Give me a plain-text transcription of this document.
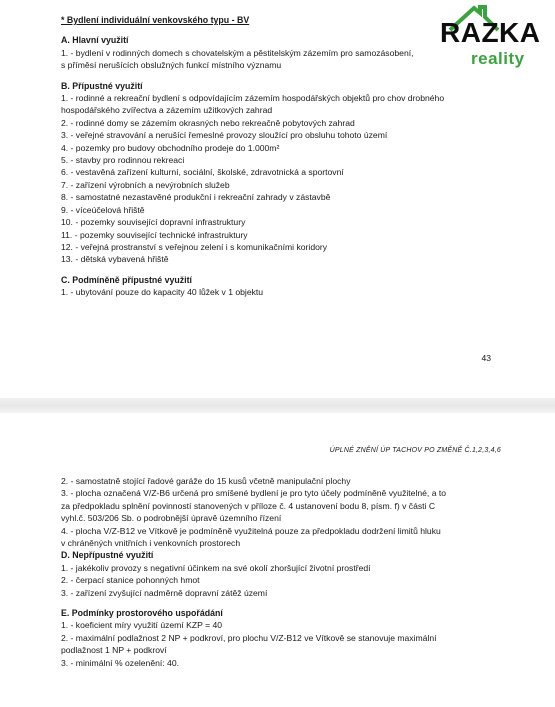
* Bydlení individuální venkovského typu - BV
A. Hlavní využití
1. - bydlení v rodinných domech s chovatelským a pěstitelským zázemím pro samozásobení,
s příměsí nerušících obslužných funkcí místního významu
B. Přípustné využití
1. - rodinné a rekreační bydlení s odpovídajícím zázemím hospodářských objektů pro chov drobného
hospodářského zvířectva a zázemím užitkových zahrad
2. - rodinné domy se zázemím okrasných nebo rekreačně pobytových zahrad
3. - veřejné stravování a nerušící řemeslné provozy sloužící pro obsluhu tohoto území
4. - pozemky pro budovy obchodního prodeje do 1.000m²
5. - stavby pro rodinnou rekreaci
6. - vestavěná zařízení kulturní, sociální, školské, zdravotnická a sportovní
7. - zařízení výrobních a nevýrobních služeb
8. - samostatné nezastavěné produkční i rekreační zahrady v zástavbě
9. - víceúčelová hřiště
10. - pozemky související dopravní infrastruktury
11. - pozemky související technické infrastruktury
12. - veřejná prostranství s veřejnou zelení i s komunikačními koridory
13. - dětská vybavená hřiště
C. Podmíněně přípustné využití
1. - ubytování pouze do kapacity 40 lůžek v 1 objektu
43
RAZKA
reality
ÚPLNÉ ZNĚNÍ ÚP TACHOV PO ZMĚNĚ Č.1,2,3,4,6
2. - samostatně stojící řadové garáže do 15 kusů včetně manipulační plochy
3. - plocha označená V/Z-B6 určená pro smíšené bydlení je pro tyto účely podmíněně využitelné, a to
za předpokladu splnění povinností stanovených v příloze č. 4 ustanovení bodu 8, písm. f) v části C
vyhl.č. 503/206 Sb. o podrobnější úpravě územního řízení
4. - plocha V/Z-B12 ve Vítkově je podmíněně využitelná pouze za předpokladu dodržení limitů hluku
v chráněných vnitřních i venkovních prostorech
D. Nepřípustné využití
1. - jakékoliv provozy s negativní účinkem na své okolí zhoršující životní prostředí
2. - čerpací stanice pohonných hmot
3. - zařízení zvyšující nadměrně dopravní zátěž území
E. Podmínky prostorového uspořádání
1. - koeficient míry využití území KZP = 40
2. - maximální podlažnost 2 NP + podkroví, pro plochu V/Z-B12 ve Vítkově se stanovuje maximální
podlažnost 1 NP + podkroví
3. - minimální % ozelenění: 40.
